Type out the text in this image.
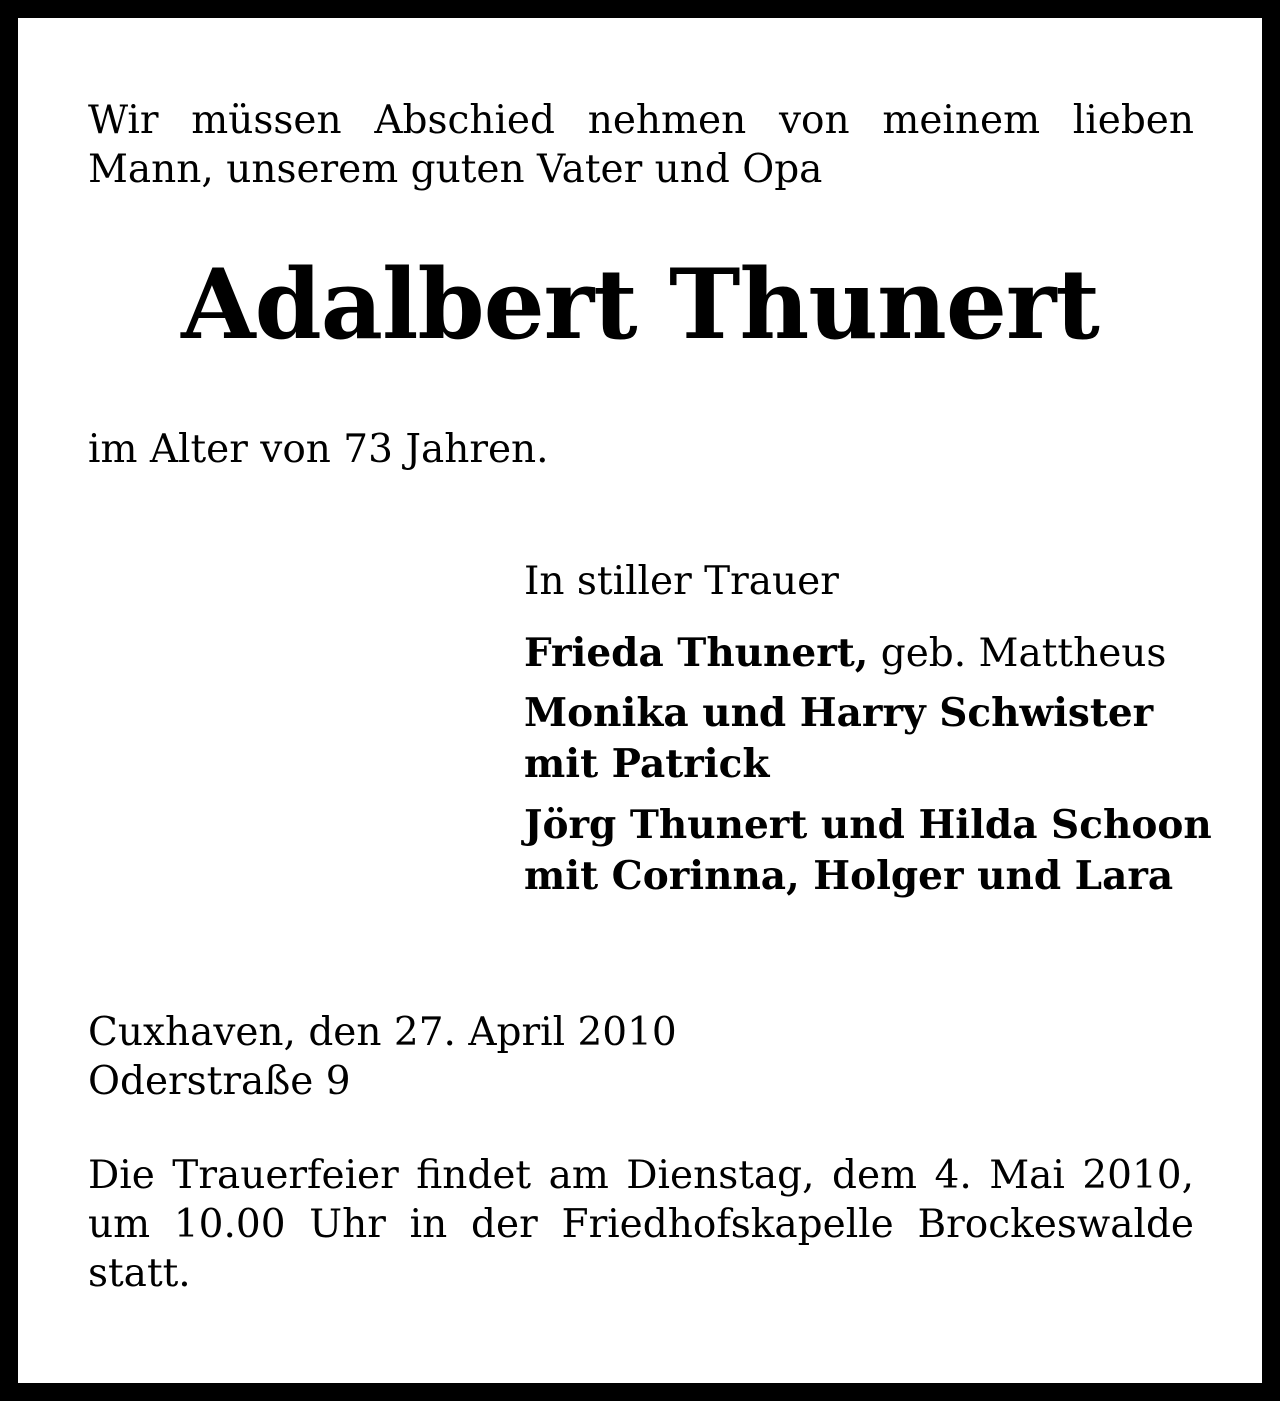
Wir müssen Abschied nehmen von meinem lieben
Mann, unserem guten Vater und Opa
Adalbert Thunert
im Alter von 73 Jahren.
In stiller Trauer
Frieda Thunert, geb. Mattheus
Monika und Harry Schwister
mit Patrick
Jörg Thunert und Hilda Schoon
mit Corinna, Holger und Lara
Cuxhaven, den 27. April 2010
Oderstraße 9
Die Trauerfeier findet am Dienstag, dem 4. Mai 2010,
um 10.00 Uhr in der Friedhofskapelle Brockeswalde
statt.
